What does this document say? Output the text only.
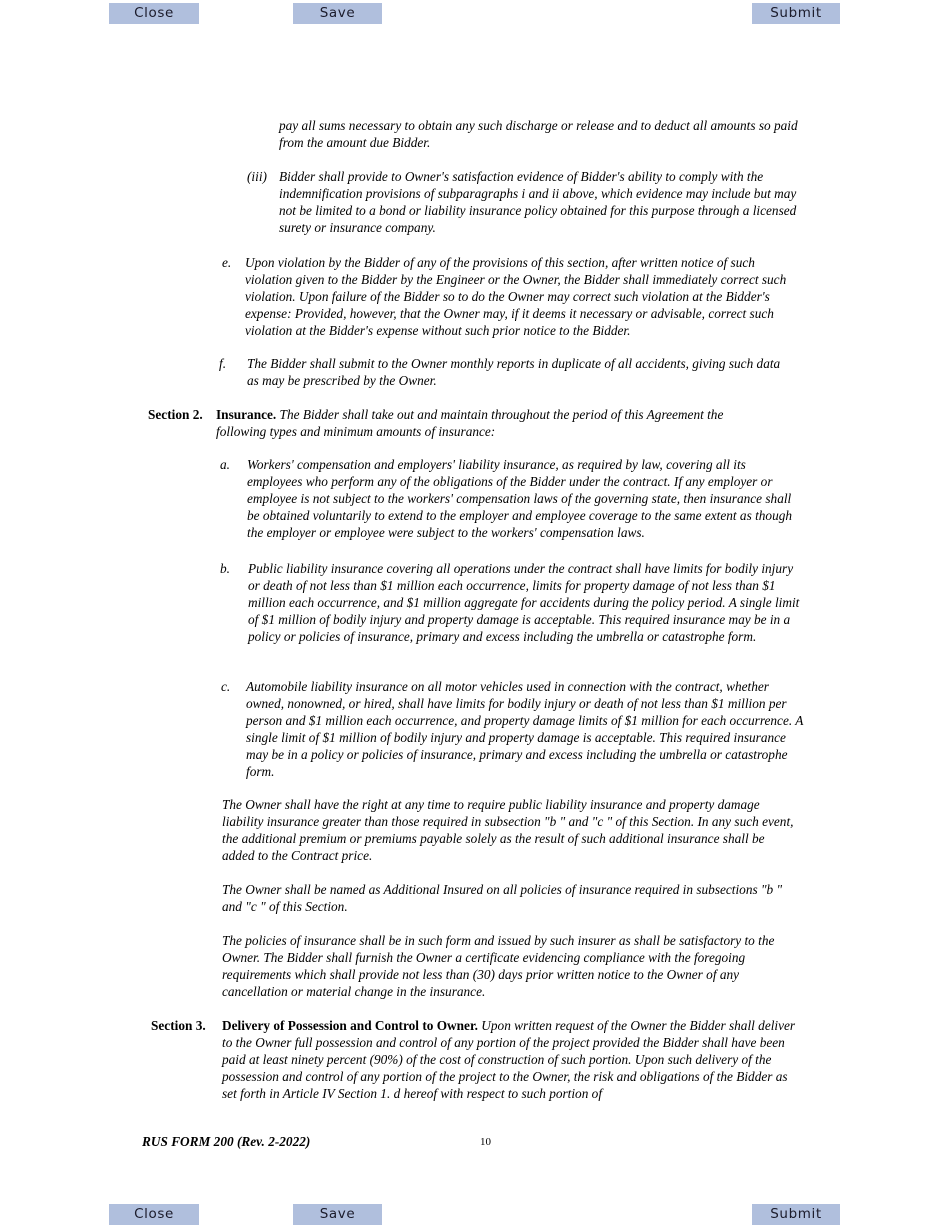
Close	Save	Submit

pay all sums necessary to obtain any such discharge or release and to deduct all amounts so paid from the amount due Bidder.

(iii) Bidder shall provide to Owner's satisfaction evidence of Bidder's ability to comply with the indemnification provisions of subparagraphs i and ii above, which evidence may include but may not be limited to a bond or liability insurance policy obtained for this purpose through a licensed surety or insurance company.

e. Upon violation by the Bidder of any of the provisions of this section, after written notice of such violation given to the Bidder by the Engineer or the Owner, the Bidder shall immediately correct such violation. Upon failure of the Bidder so to do the Owner may correct such violation at the Bidder's expense: Provided, however, that the Owner may, if it deems it necessary or advisable, correct such violation at the Bidder's expense without such prior notice to the Bidder.

f. The Bidder shall submit to the Owner monthly reports in duplicate of all accidents, giving such data as may be prescribed by the Owner.

Section 2. Insurance. The Bidder shall take out and maintain throughout the period of this Agreement the following types and minimum amounts of insurance:

a. Workers' compensation and employers' liability insurance, as required by law, covering all its employees who perform any of the obligations of the Bidder under the contract. If any employer or employee is not subject to the workers' compensation laws of the governing state, then insurance shall be obtained voluntarily to extend to the employer and employee coverage to the same extent as though the employer or employee were subject to the workers' compensation laws.

b. Public liability insurance covering all operations under the contract shall have limits for bodily injury or death of not less than $1 million each occurrence, limits for property damage of not less than $1 million each occurrence, and $1 million aggregate for accidents during the policy period. A single limit of $1 million of bodily injury and property damage is acceptable. This required insurance may be in a policy or policies of insurance, primary and excess including the umbrella or catastrophe form.

c. Automobile liability insurance on all motor vehicles used in connection with the contract, whether owned, nonowned, or hired, shall have limits for bodily injury or death of not less than $1 million per person and $1 million each occurrence, and property damage limits of $1 million for each occurrence. A single limit of $1 million of bodily injury and property damage is acceptable. This required insurance may be in a policy or policies of insurance, primary and excess including the umbrella or catastrophe form.

The Owner shall have the right at any time to require public liability insurance and property damage liability insurance greater than those required in subsection "b " and "c " of this Section. In any such event, the additional premium or premiums payable solely as the result of such additional insurance shall be added to the Contract price.

The Owner shall be named as Additional Insured on all policies of insurance required in subsections "b " and "c " of this Section.

The policies of insurance shall be in such form and issued by such insurer as shall be satisfactory to the Owner. The Bidder shall furnish the Owner a certificate evidencing compliance with the foregoing requirements which shall provide not less than (30) days prior written notice to the Owner of any cancellation or material change in the insurance.

Section 3. Delivery of Possession and Control to Owner. Upon written request of the Owner the Bidder shall deliver to the Owner full possession and control of any portion of the project provided the Bidder shall have been paid at least ninety percent (90%) of the cost of construction of such portion. Upon such delivery of the possession and control of any portion of the project to the Owner, the risk and obligations of the Bidder as set forth in Article IV Section 1. d hereof with respect to such portion of

RUS FORM 200 (Rev. 2-2022)	10
Close	Save	Submit
